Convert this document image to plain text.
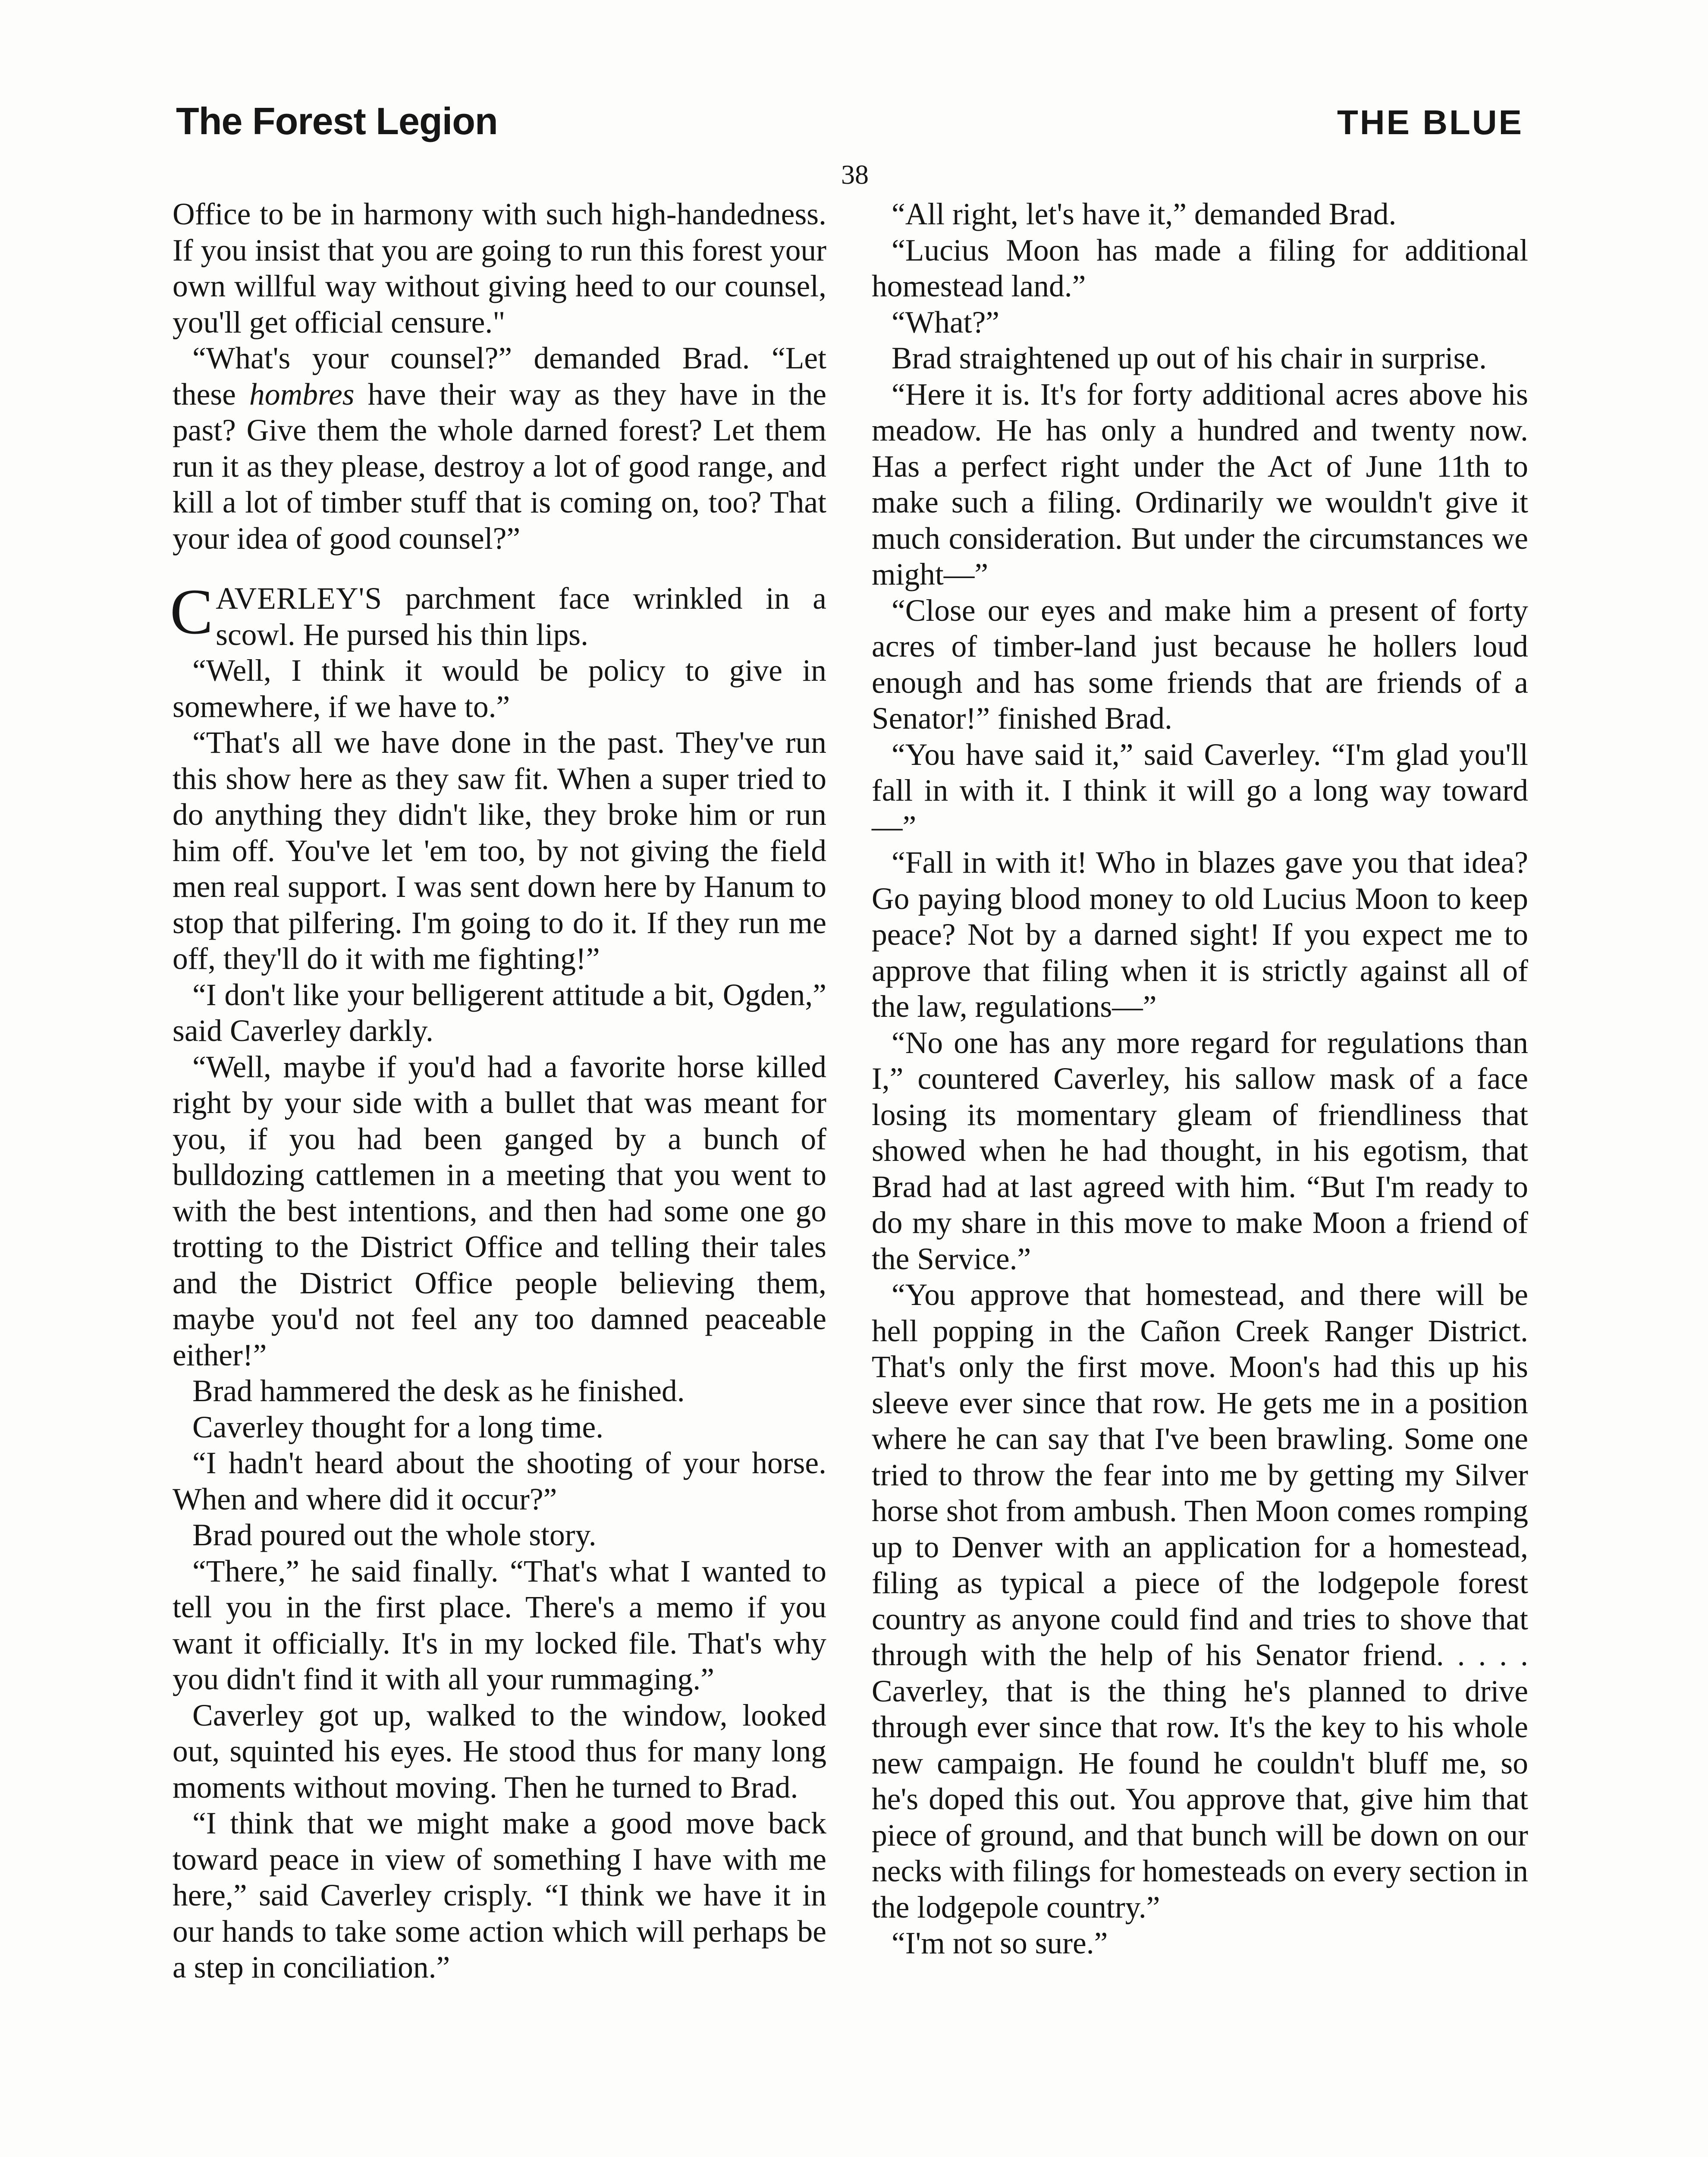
The Forest Legion	THE BLUE
38

Office to be in harmony with such high-handedness. If you insist that you are going to run this forest your own willful way without giving heed to our counsel, you'll get official censure."

“What's your counsel?” demanded Brad. “Let these hombres have their way as they have in the past? Give them the whole darned forest? Let them run it as they please, destroy a lot of good range, and kill a lot of timber stuff that is coming on, too? That your idea of good counsel?”

CAVERLEY'S parchment face wrinkled in a scowl. He pursed his thin lips.

“Well, I think it would be policy to give in somewhere, if we have to.”

“That's all we have done in the past. They've run this show here as they saw fit. When a super tried to do anything they didn't like, they broke him or run him off. You've let 'em too, by not giving the field men real support. I was sent down here by Hanum to stop that pilfering. I'm going to do it. If they run me off, they'll do it with me fighting!”

“I don't like your belligerent attitude a bit, Ogden,” said Caverley darkly.

“Well, maybe if you'd had a favorite horse killed right by your side with a bullet that was meant for you, if you had been ganged by a bunch of bulldozing cattlemen in a meeting that you went to with the best intentions, and then had some one go trotting to the District Office and telling their tales and the District Office people believing them, maybe you'd not feel any too damned peaceable either!”

Brad hammered the desk as he finished.

Caverley thought for a long time.

“I hadn't heard about the shooting of your horse. When and where did it occur?”

Brad poured out the whole story.

“There,” he said finally. “That's what I wanted to tell you in the first place. There's a memo if you want it officially. It's in my locked file. That's why you didn't find it with all your rummaging.”

Caverley got up, walked to the window, looked out, squinted his eyes. He stood thus for many long moments without moving. Then he turned to Brad.

“I think that we might make a good move back toward peace in view of something I have with me here,” said Caverley crisply. “I think we have it in our hands to take some action which will perhaps be a step in conciliation.”

“All right, let's have it,” demanded Brad.

“Lucius Moon has made a filing for additional homestead land.”

“What?”

Brad straightened up out of his chair in surprise.

“Here it is. It's for forty additional acres above his meadow. He has only a hundred and twenty now. Has a perfect right under the Act of June 11th to make such a filing. Ordinarily we wouldn't give it much consideration. But under the circumstances we might—”

“Close our eyes and make him a present of forty acres of timber-land just because he hollers loud enough and has some friends that are friends of a Senator!” finished Brad.

“You have said it,” said Caverley. “I'm glad you'll fall in with it. I think it will go a long way toward—”

“Fall in with it! Who in blazes gave you that idea? Go paying blood money to old Lucius Moon to keep peace? Not by a darned sight! If you expect me to approve that filing when it is strictly against all of the law, regulations—”

“No one has any more regard for regulations than I,” countered Caverley, his sallow mask of a face losing its momentary gleam of friendliness that showed when he had thought, in his egotism, that Brad had at last agreed with him. “But I'm ready to do my share in this move to make Moon a friend of the Service.”

“You approve that homestead, and there will be hell popping in the Cañon Creek Ranger District. That's only the first move. Moon's had this up his sleeve ever since that row. He gets me in a position where he can say that I've been brawling. Some one tried to throw the fear into me by getting my Silver horse shot from ambush. Then Moon comes romping up to Denver with an application for a homestead, filing as typical a piece of the lodgepole forest country as anyone could find and tries to shove that through with the help of his Senator friend. . . . . Caverley, that is the thing he's planned to drive through ever since that row. It's the key to his whole new campaign. He found he couldn't bluff me, so he's doped this out. You approve that, give him that piece of ground, and that bunch will be down on our necks with filings for homesteads on every section in the lodgepole country.”

“I'm not so sure.”
